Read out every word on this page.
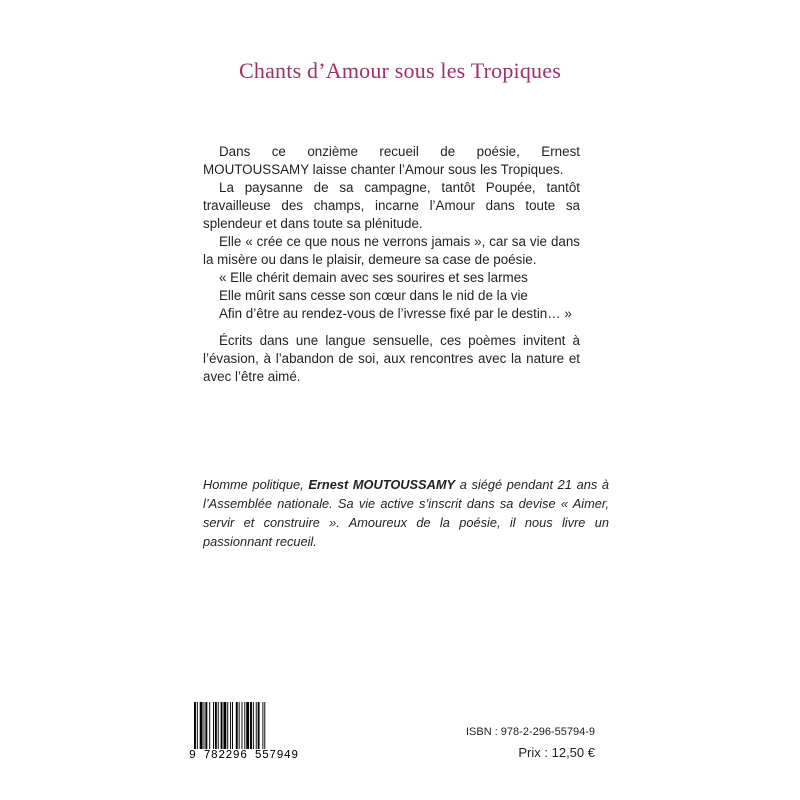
Chants d’Amour sous les Tropiques

Dans ce onzième recueil de poésie, Ernest MOUTOUSSAMY laisse chanter l’Amour sous les Tropiques.

La paysanne de sa campagne, tantôt Poupée, tantôt travailleuse des champs, incarne l’Amour dans toute sa splendeur et dans toute sa plénitude.

Elle « crée ce que nous ne verrons jamais », car sa vie dans la misère ou dans le plaisir, demeure sa case de poésie.

« Elle chérit demain avec ses sourires et ses larmes

Elle mûrit sans cesse son cœur dans le nid de la vie

Afin d’être au rendez-vous de l’ivresse fixé par le destin… »

Écrits dans une langue sensuelle, ces poèmes invitent à l’évasion, à l’abandon de soi, aux rencontres avec la nature et avec l’être aimé.

Homme politique, Ernest MOUTOUSSAMY a siégé pendant 21 ans à l’Assemblée nationale. Sa vie active s’inscrit dans sa devise « Aimer, servir et construire ». Amoureux de la poésie, il nous livre un passionnant recueil.
9 782296 557949
ISBN : 978-2-296-55794-9
Prix : 12,50 €
